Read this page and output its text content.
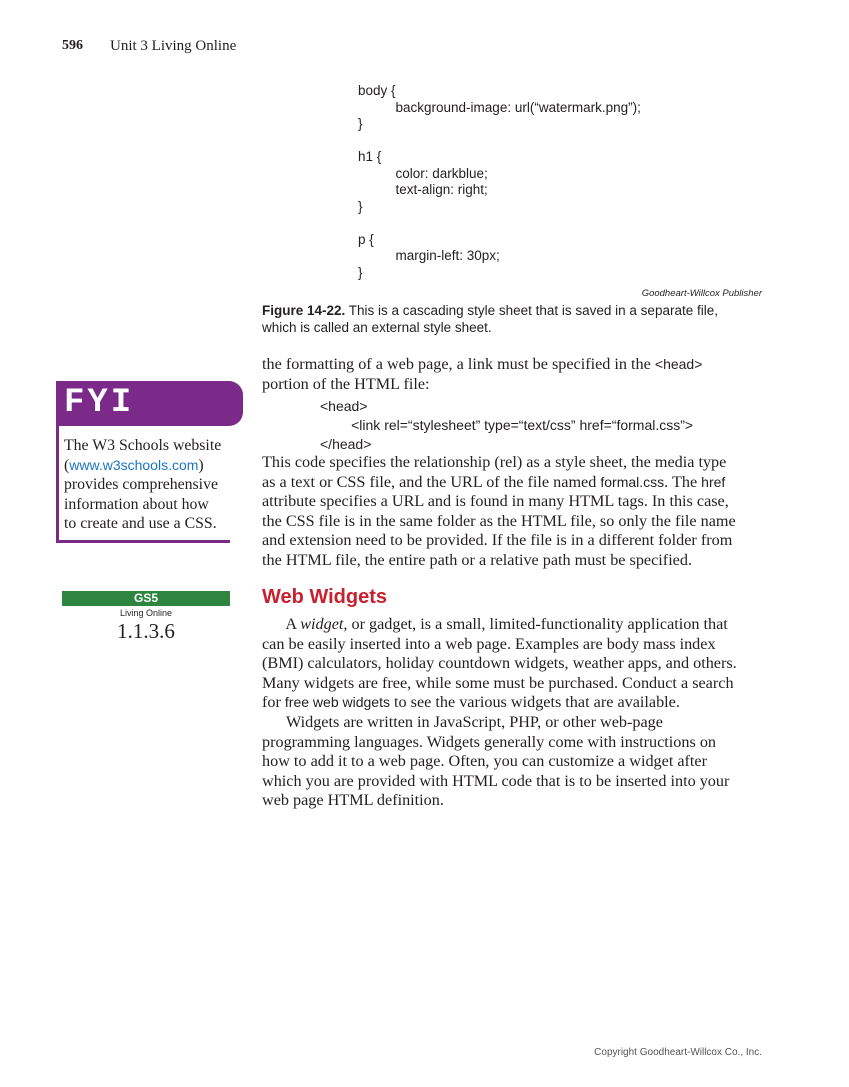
596 Unit 3 Living Online
body {
background-image: url(“watermark.png”);
}
h1 {
color: darkblue;
text-align: right;
}
p {
margin-left: 30px;
}
Goodheart-Willcox Publisher
Figure 14-22. This is a cascading style sheet that is saved in a separate file, which is called an external style sheet.
the formatting of a web page, a link must be specified in the <head>
portion of the HTML file:
<head>
<link rel=“stylesheet” type=“text/css” href=“formal.css”>
</head>
This code specifies the relationship (rel) as a style sheet, the media type
as a text or CSS file, and the URL of the file named formal.css. The href
attribute specifies a URL and is found in many HTML tags. In this case,
the CSS file is in the same folder as the HTML file, so only the file name
and extension need to be provided. If the file is in a different folder from
the HTML file, the entire path or a relative path must be specified.
Web Widgets
A widget, or gadget, is a small, limited-functionality application that
can be easily inserted into a web page. Examples are body mass index
(BMI) calculators, holiday countdown widgets, weather apps, and others.
Many widgets are free, while some must be purchased. Conduct a search
for free web widgets to see the various widgets that are available.
Widgets are written in JavaScript, PHP, or other web-page
programming languages. Widgets generally come with instructions on
how to add it to a web page. Often, you can customize a widget after
which you are provided with HTML code that is to be inserted into your
web page HTML definition.
FYI
The W3 Schools website
(www.w3schools.com)
provides comprehensive
information about how
to create and use a CSS.
GS5
Living Online
1.1.3.6
Copyright Goodheart-Willcox Co., Inc.
